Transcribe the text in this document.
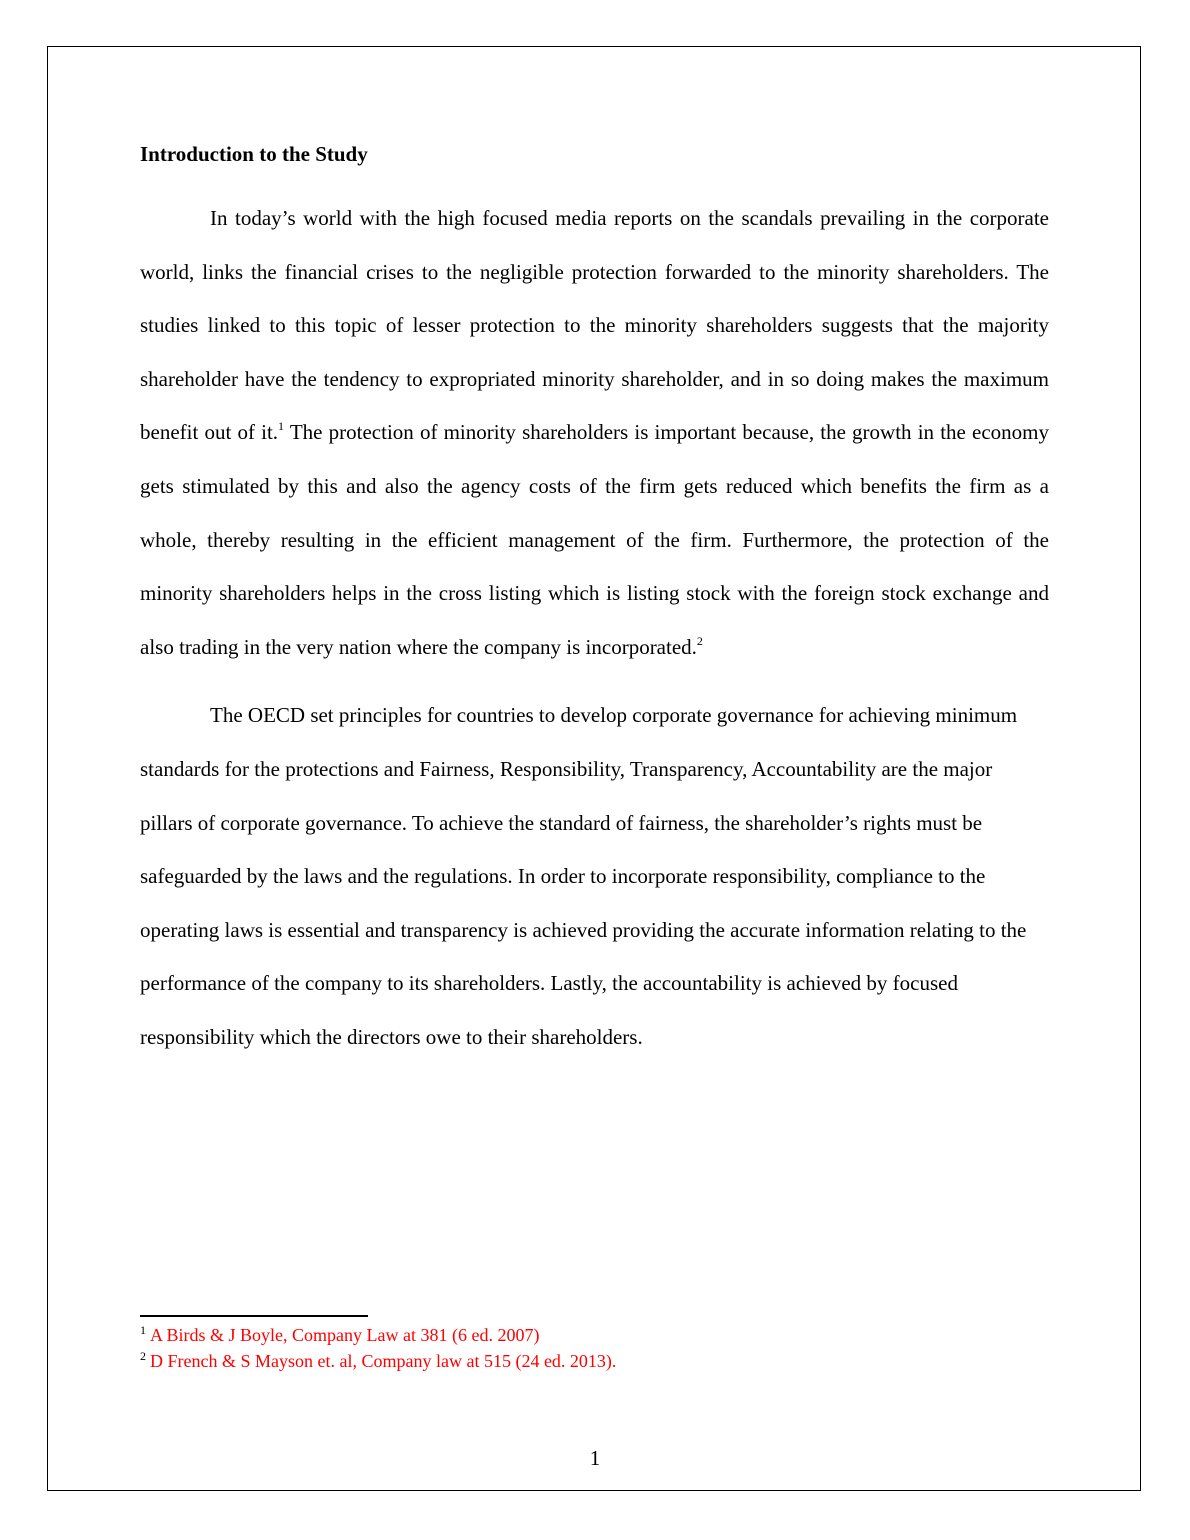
Introduction to the Study

In today’s world with the high focused media reports on the scandals prevailing in the corporate world, links the financial crises to the negligible protection forwarded to the minority shareholders. The studies linked to this topic of lesser protection to the minority shareholders suggests that the majority shareholder have the tendency to expropriated minority shareholder, and in so doing makes the maximum benefit out of it.$^1$ The protection of minority shareholders is important because, the growth in the economy gets stimulated by this and also the agency costs of the firm gets reduced which benefits the firm as a whole, thereby resulting in the efficient management of the firm. Furthermore, the protection of the minority shareholders helps in the cross listing which is listing stock with the foreign stock exchange and also trading in the very nation where the company is incorporated.$^2$

The OECD set principles for countries to develop corporate governance for achieving minimum standards for the protections and Fairness, Responsibility, Transparency, Accountability are the major pillars of corporate governance. To achieve the standard of fairness, the shareholder’s rights must be safeguarded by the laws and the regulations. In order to incorporate responsibility, compliance to the operating laws is essential and transparency is achieved providing the accurate information relating to the performance of the company to its shareholders. Lastly, the accountability is achieved by focused responsibility which the directors owe to their shareholders.

$^1$ A Birds & J Boyle, Company Law at 381 (6 ed. 2007)

$^2$ D French & S Mayson et. al, Company law at 515 (24 ed. 2013).

1
